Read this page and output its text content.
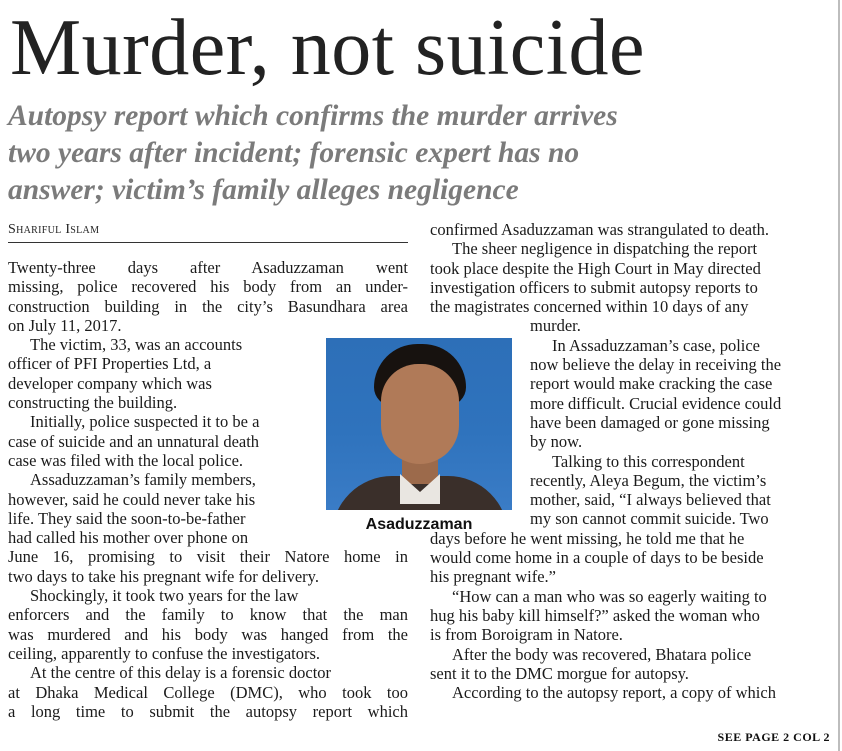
Murder, not suicide
Autopsy report which confirms the murder arrives
two years after incident; forensic expert has no
answer; victim’s family alleges negligence
Shariful Islam
Twenty-three days after Asaduzzaman went
missing, police recovered his body from an under-
construction building in the city’s Basundhara area
on July 11, 2017.
The victim, 33, was an accounts
officer of PFI Properties Ltd, a
developer company which was
constructing the building.
Initially, police suspected it to be a
case of suicide and an unnatural death
case was filed with the local police.
Assaduzzaman’s family members,
however, said he could never take his
life. They said the soon-to-be-father
had called his mother over phone on
June 16, promising to visit their Natore home in
two days to take his pregnant wife for delivery.
Shockingly, it took two years for the law
enforcers and the family to know that the man
was murdered and his body was hanged from the
ceiling, apparently to confuse the investigators.
At the centre of this delay is a forensic doctor
at Dhaka Medical College (DMC), who took too
a long time to submit the autopsy report which
Asaduzzaman
confirmed Asaduzzaman was strangulated to death.
The sheer negligence in dispatching the report
took place despite the High Court in May directed
investigation officers to submit autopsy reports to
the magistrates concerned within 10 days of any
murder.
In Assaduzzaman’s case, police
now believe the delay in receiving the
report would make cracking the case
more difficult. Crucial evidence could
have been damaged or gone missing
by now.
Talking to this correspondent
recently, Aleya Begum, the victim’s
mother, said, “I always believed that
my son cannot commit suicide. Two
days before he went missing, he told me that he
would come home in a couple of days to be beside
his pregnant wife.”
“How can a man who was so eagerly waiting to
hug his baby kill himself?” asked the woman who
is from Boroigram in Natore.
After the body was recovered, Bhatara police
sent it to the DMC morgue for autopsy.
According to the autopsy report, a copy of which
SEE PAGE 2 COL 2
